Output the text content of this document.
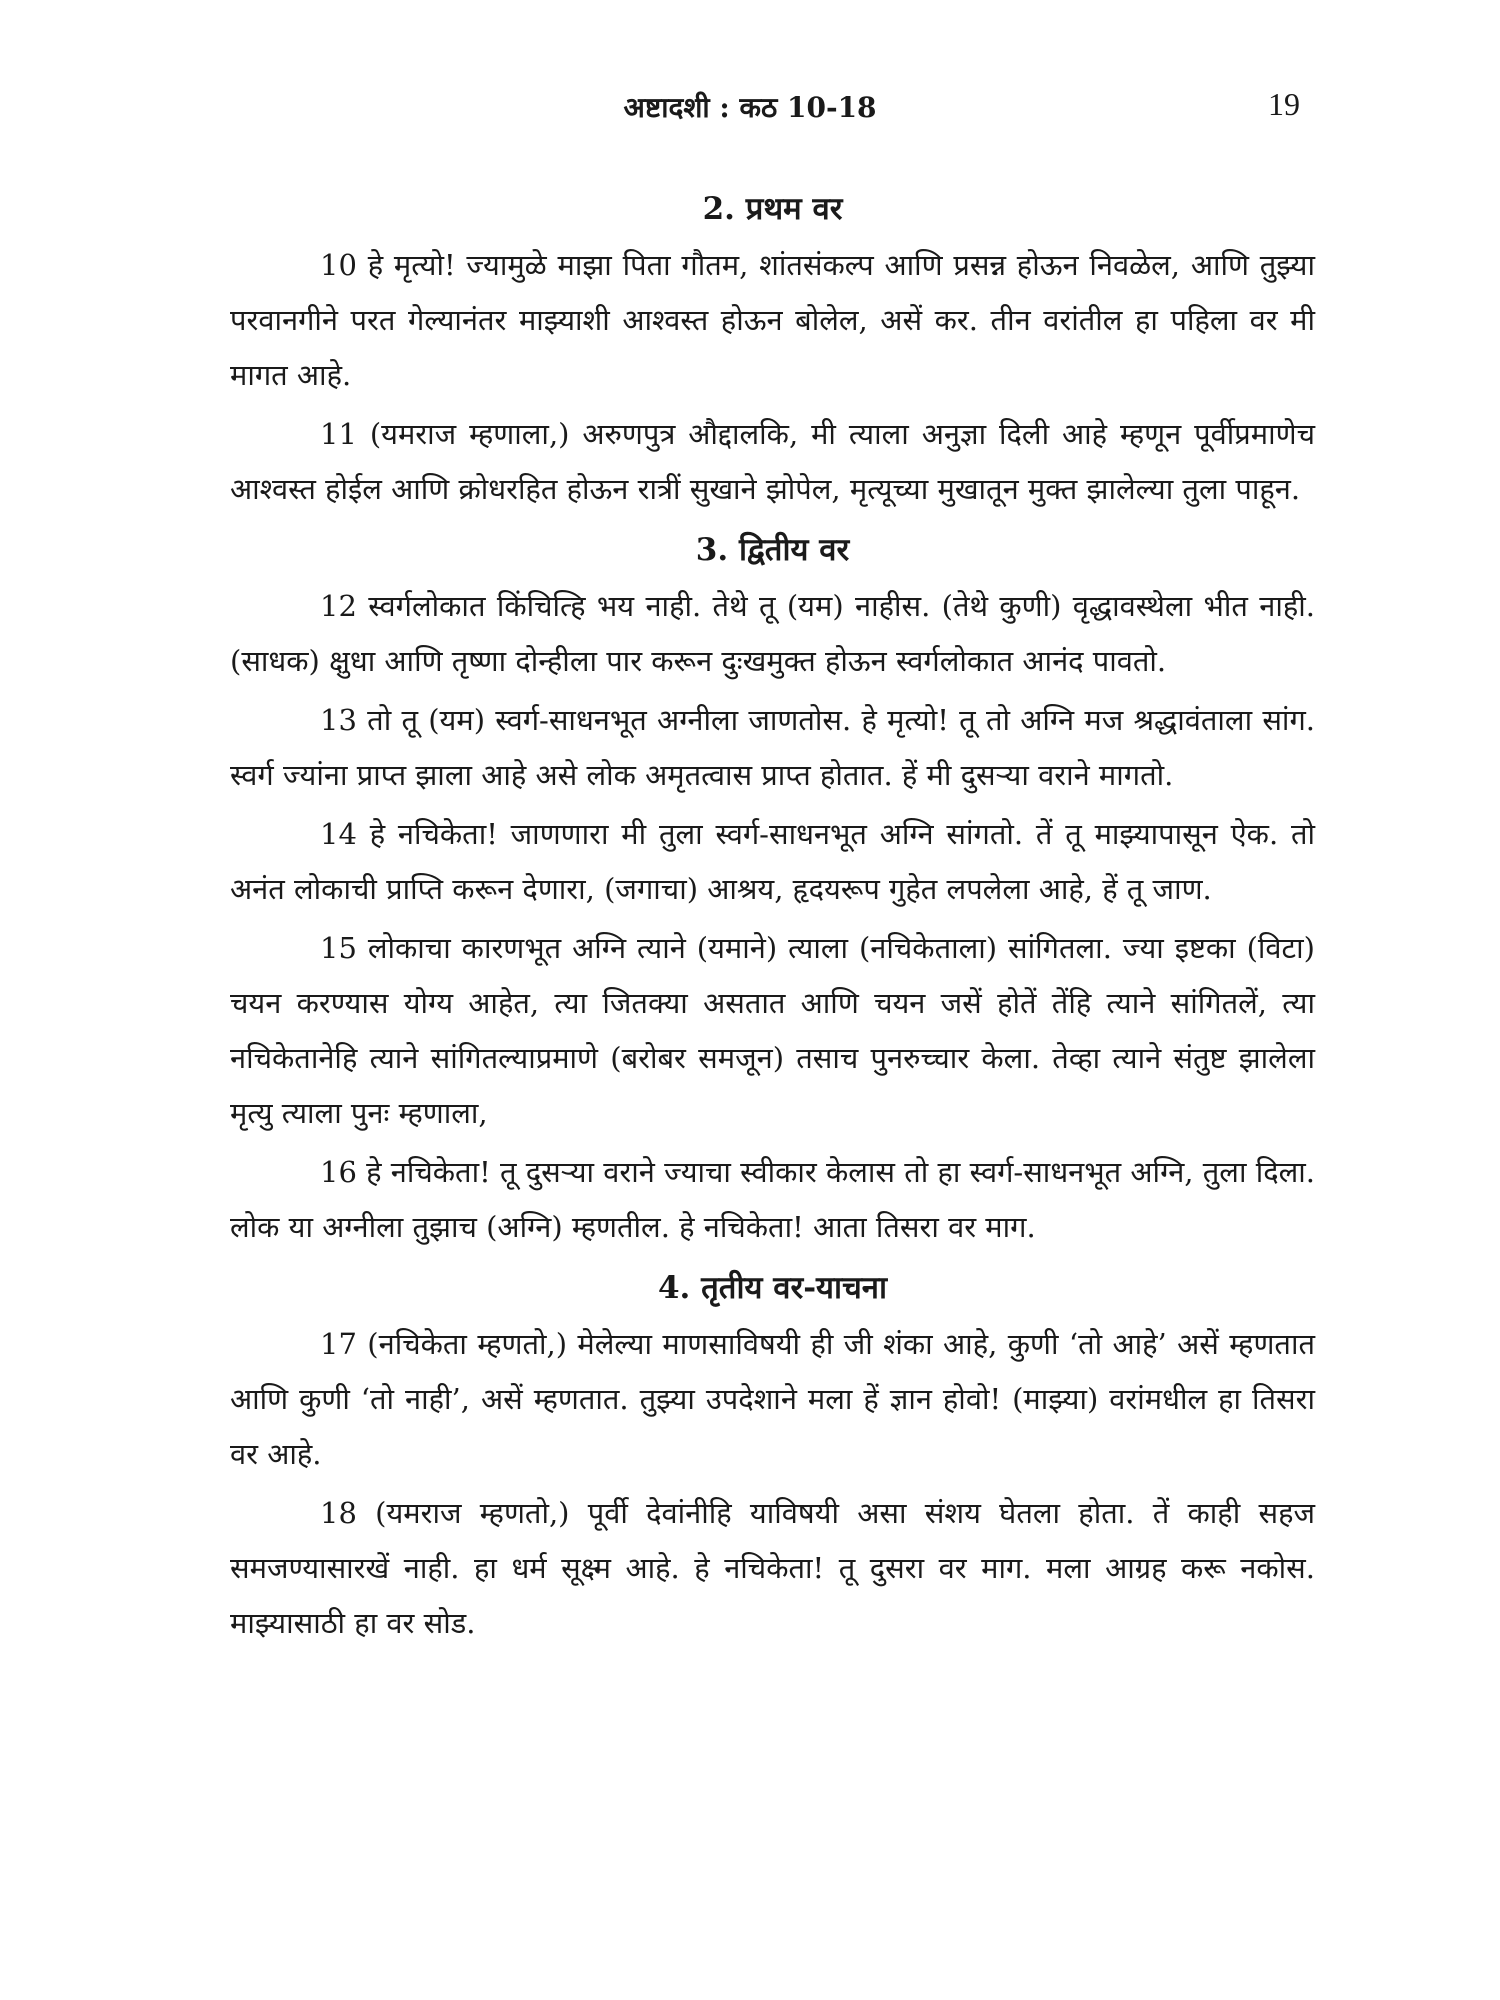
अष्टादशी : कठ 10-18	19
2. प्रथम वर

10 हे मृत्यो! ज्यामुळे माझा पिता गौतम, शांतसंकल्प आणि प्रसन्न होऊन निवळेल, आणि तुझ्या परवानगीने परत गेल्यानंतर माझ्याशी आश्वस्त होऊन बोलेल, असें कर. तीन वरांतील हा पहिला वर मी मागत आहे.

11 (यमराज म्हणाला,) अरुणपुत्र औद्दालकि, मी त्याला अनुज्ञा दिली आहे म्हणून पूर्वीप्रमाणेच आश्वस्त होईल आणि क्रोधरहित होऊन रात्रीं सुखाने झोपेल, मृत्यूच्या मुखातून मुक्त झालेल्या तुला पाहून.

3. द्वितीय वर

12 स्वर्गलोकात किंचित्हि भय नाही. तेथे तू (यम) नाहीस. (तेथे कुणी) वृद्धावस्थेला भीत नाही. (साधक) क्षुधा आणि तृष्णा दोन्हीला पार करून दुःखमुक्त होऊन स्वर्गलोकात आनंद पावतो.

13 तो तू (यम) स्वर्ग-साधनभूत अग्नीला जाणतोस. हे मृत्यो! तू तो अग्नि मज श्रद्धावंताला सांग. स्वर्ग ज्यांना प्राप्त झाला आहे असे लोक अमृतत्वास प्राप्त होतात. हें मी दुसऱ्या वराने मागतो.

14 हे नचिकेता! जाणणारा मी तुला स्वर्ग-साधनभूत अग्नि सांगतो. तें तू माझ्यापासून ऐक. तो अनंत लोकाची प्राप्ति करून देणारा, (जगाचा) आश्रय, हृदयरूप गुहेत लपलेला आहे, हें तू जाण.

15 लोकाचा कारणभूत अग्नि त्याने (यमाने) त्याला (नचिकेताला) सांगितला. ज्या इष्टका (विटा) चयन करण्यास योग्य आहेत, त्या जितक्या असतात आणि चयन जसें होतें तेंहि त्याने सांगितलें, त्या नचिकेतानेहि त्याने सांगितल्याप्रमाणे (बरोबर समजून) तसाच पुनरुच्चार केला. तेव्हा त्याने संतुष्ट झालेला मृत्यु त्याला पुनः म्हणाला,

16 हे नचिकेता! तू दुसऱ्या वराने ज्याचा स्वीकार केलास तो हा स्वर्ग-साधनभूत अग्नि, तुला दिला. लोक या अग्नीला तुझाच (अग्नि) म्हणतील. हे नचिकेता! आता तिसरा वर माग.

4. तृतीय वर-याचना

17 (नचिकेता म्हणतो,) मेलेल्या माणसाविषयी ही जी शंका आहे, कुणी ‘तो आहे’ असें म्हणतात आणि कुणी ‘तो नाही’, असें म्हणतात. तुझ्या उपदेशाने मला हें ज्ञान होवो! (माझ्या) वरांमधील हा तिसरा वर आहे.

18 (यमराज म्हणतो,) पूर्वी देवांनीहि याविषयी असा संशय घेतला होता. तें काही सहज समजण्यासारखें नाही. हा धर्म सूक्ष्म आहे. हे नचिकेता! तू दुसरा वर माग. मला आग्रह करू नकोस. माझ्यासाठी हा वर सोड.
